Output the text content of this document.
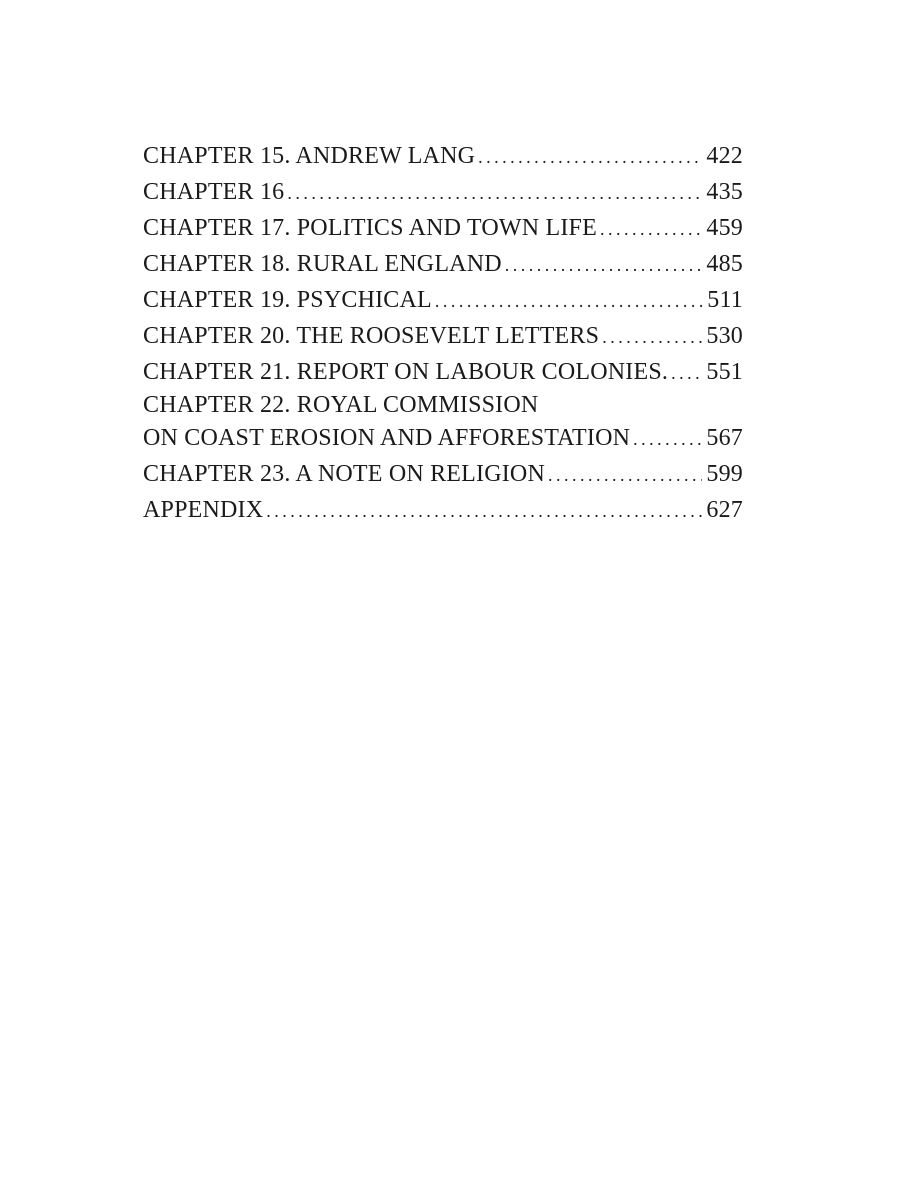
CHAPTER 15. ANDREW LANG . . .	422
CHAPTER 16 . . .	435
CHAPTER 17. POLITICS AND TOWN LIFE . . .	459
CHAPTER 18. RURAL ENGLAND . . .	485
CHAPTER 19. PSYCHICAL . . .	511
CHAPTER 20. THE ROOSEVELT LETTERS . . .	530
CHAPTER 21. REPORT ON LABOUR COLONIES. . . . 551
CHAPTER 22. ROYAL COMMISSION
ON COAST EROSION AND AFFORESTATION . . .	567
CHAPTER 23. A NOTE ON RELIGION . . .	599
APPENDIX . . .	627
